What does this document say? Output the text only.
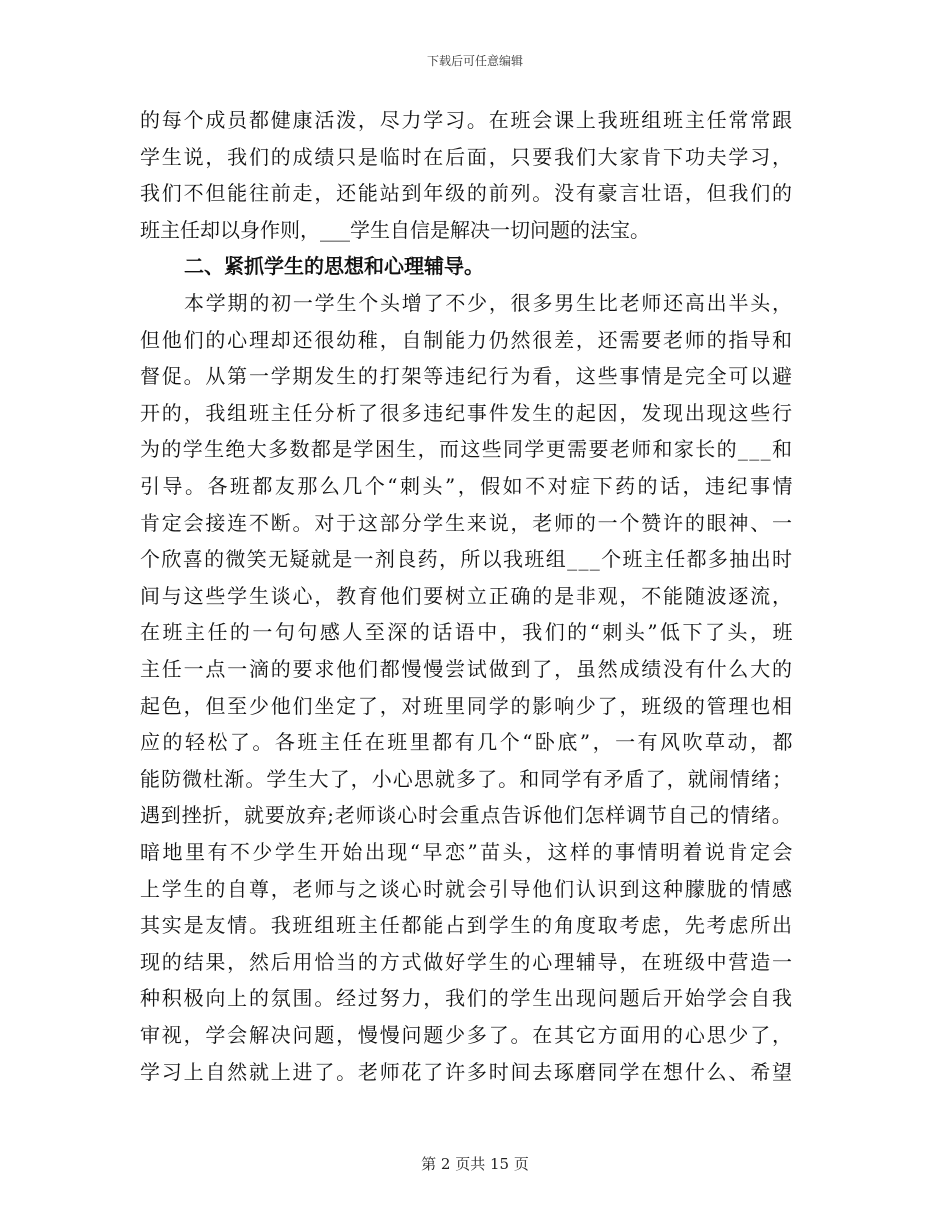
下载后可任意编辑
的每个成员都健康活泼，尽力学习。在班会课上我班组班主任常常跟
学生说，我们的成绩只是临时在后面，只要我们大家肯下功夫学习，
我们不但能往前走，还能站到年级的前列。没有豪言壮语，但我们的
班主任却以身作则，___学生自信是解决一切问题的法宝。
二、紧抓学生的思想和心理辅导。
本学期的初一学生个头增了不少，很多男生比老师还高出半头，
但他们的心理却还很幼稚，自制能力仍然很差，还需要老师的指导和
督促。从第一学期发生的打架等违纪行为看，这些事情是完全可以避
开的，我组班主任分析了很多违纪事件发生的起因，发现出现这些行
为的学生绝大多数都是学困生，而这些同学更需要老师和家长的___和
引导。各班都友那么几个“刺头”，假如不对症下药的话，违纪事情
肯定会接连不断。对于这部分学生来说，老师的一个赞许的眼神、一
个欣喜的微笑无疑就是一剂良药，所以我班组___个班主任都多抽出时
间与这些学生谈心，教育他们要树立正确的是非观，不能随波逐流，
在班主任的一句句感人至深的话语中，我们的“刺头”低下了头，班
主任一点一滴的要求他们都慢慢尝试做到了，虽然成绩没有什么大的
起色，但至少他们坐定了，对班里同学的影响少了，班级的管理也相
应的轻松了。各班主任在班里都有几个“卧底”，一有风吹草动，都
能防微杜渐。学生大了，小心思就多了。和同学有矛盾了，就闹情绪；
遇到挫折，就要放弃;老师谈心时会重点告诉他们怎样调节自己的情绪。
暗地里有不少学生开始出现“早恋”苗头，这样的事情明着说肯定会
上学生的自尊，老师与之谈心时就会引导他们认识到这种朦胧的情感
其实是友情。我班组班主任都能占到学生的角度取考虑，先考虑所出
现的结果，然后用恰当的方式做好学生的心理辅导，在班级中营造一
种积极向上的氛围。经过努力，我们的学生出现问题后开始学会自我
审视，学会解决问题，慢慢问题少多了。在其它方面用的心思少了，
学习上自然就上进了。老师花了许多时间去琢磨同学在想什么、希望
第 2 页共 15 页
